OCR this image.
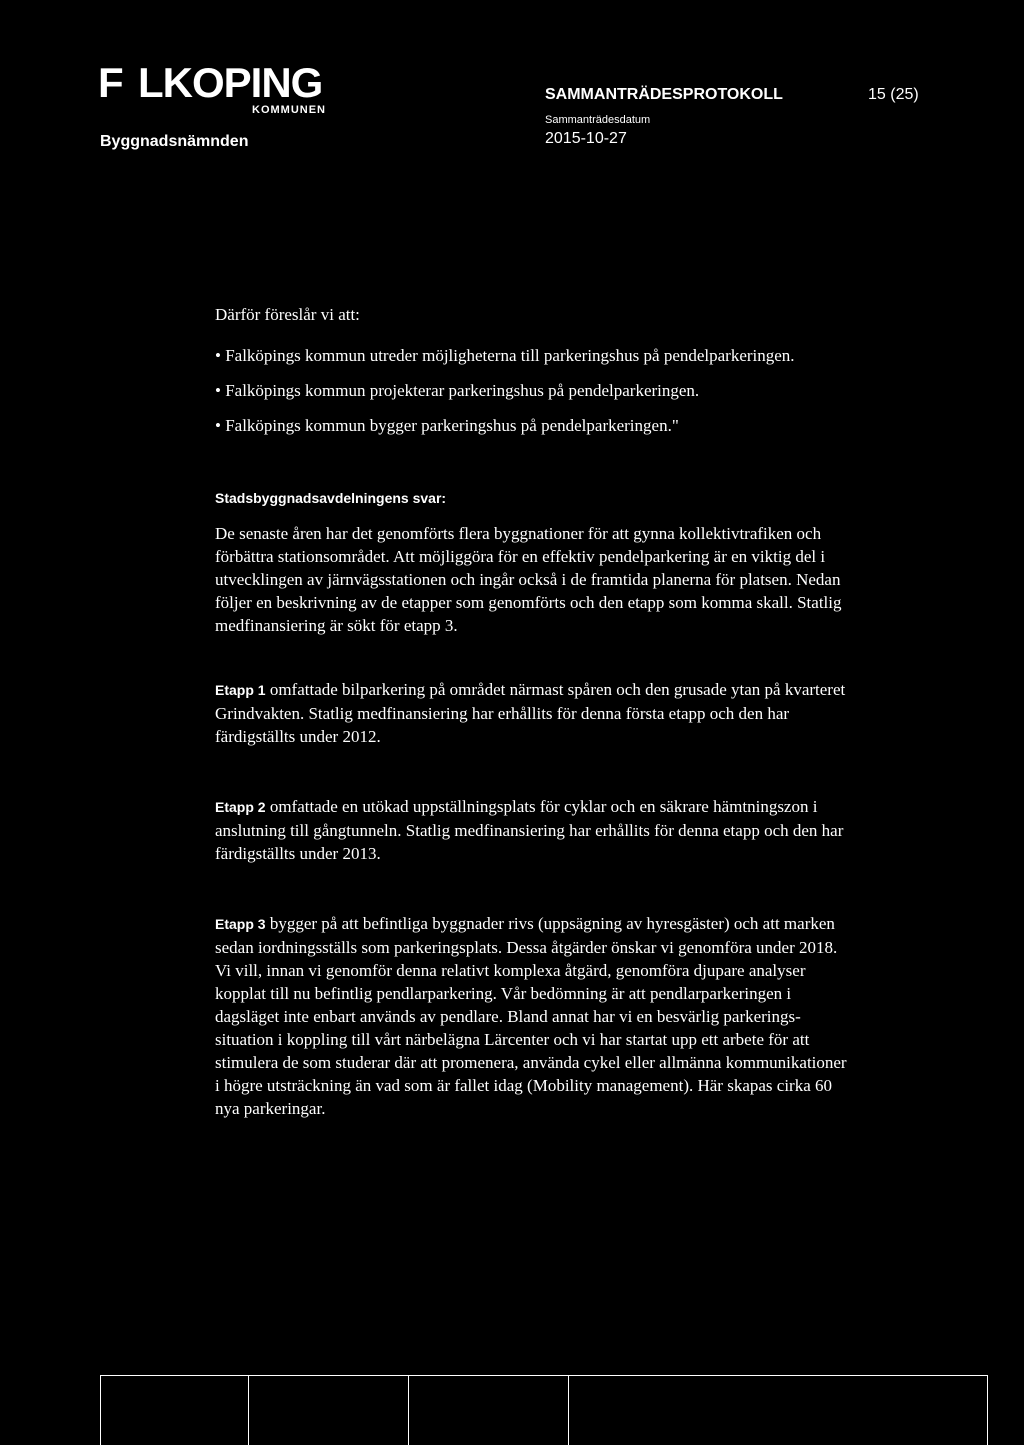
F LKOPING
KOMMUNEN
Byggnadsnämnden
SAMMANTRÄDESPROTOKOLL	15 (25)
Sammanträdesdatum
2015-10-27

Därför föreslår vi att:

• Falköpings kommun utreder möjligheterna till parkeringshus på pendelparkeringen.

• Falköpings kommun projekterar parkeringshus på pendelparkeringen.

• Falköpings kommun bygger parkeringshus på pendelparkeringen."

Stadsbyggnadsavdelningens svar:

De senaste åren har det genomförts flera byggnationer för att gynna kollektivtrafiken och förbättra stationsområdet. Att möjliggöra för en effektiv pendelparkering är en viktig del i utvecklingen av järnvägsstationen och ingår också i de framtida planerna för platsen. Nedan följer en beskrivning av de etapper som genomförts och den etapp som komma skall. Statlig medfinansiering är sökt för etapp 3.

Etapp 1 omfattade bilparkering på området närmast spåren och den grusade ytan på kvarteret Grindvakten. Statlig medfinansiering har erhållits för denna första etapp och den har färdigställts under 2012.

Etapp 2 omfattade en utökad uppställningsplats för cyklar och en säkrare hämtningszon i anslutning till gångtunneln. Statlig medfinansiering har erhållits för denna etapp och den har färdigställts under 2013.

Etapp 3 bygger på att befintliga byggnader rivs (uppsägning av hyresgäster) och att marken sedan iordningsställs som parkeringsplats. Dessa åtgärder önskar vi genomföra under 2018. Vi vill, innan vi genomför denna relativt komplexa åtgärd, genomföra djupare analyser kopplat till nu befintlig pendlarparkering. Vår bedömning är att pendlarparkeringen i dagsläget inte enbart används av pendlare. Bland annat har vi en besvärlig parkerings-situation i koppling till vårt närbelägna Lärcenter och vi har startat upp ett arbete för att stimulera de som studerar där att promenera, använda cykel eller allmänna kommunikationer i högre utsträckning än vad som är fallet idag (Mobility management). Här skapas cirka 60 nya parkeringar.
